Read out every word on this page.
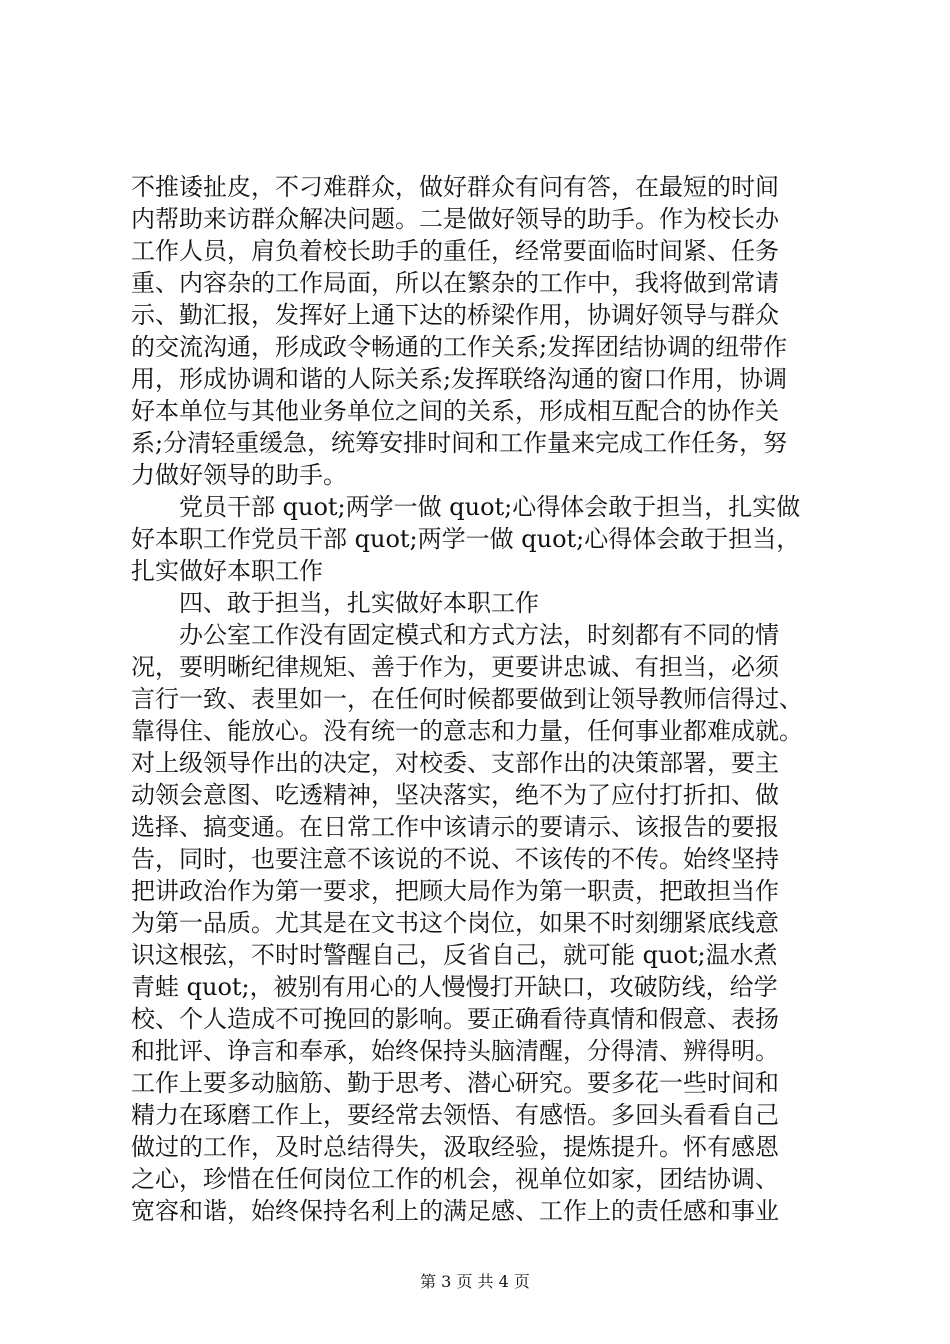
不推诿扯皮，不刁难群众，做好群众有问有答，在最短的时间
内帮助来访群众解决问题。二是做好领导的助手。作为校长办
工作人员，肩负着校长助手的重任，经常要面临时间紧、任务
重、内容杂的工作局面，所以在繁杂的工作中，我将做到常请
示、勤汇报，发挥好上通下达的桥梁作用，协调好领导与群众
的交流沟通，形成政令畅通的工作关系;发挥团结协调的纽带作
用，形成协调和谐的人际关系;发挥联络沟通的窗口作用，协调
好本单位与其他业务单位之间的关系，形成相互配合的协作关
系;分清轻重缓急，统筹安排时间和工作量来完成工作任务，努
力做好领导的助手。
党员干部 quot;两学一做 quot;心得体会敢于担当，扎实做
好本职工作党员干部 quot;两学一做 quot;心得体会敢于担当，
扎实做好本职工作
四、敢于担当，扎实做好本职工作
办公室工作没有固定模式和方式方法，时刻都有不同的情
况，要明晰纪律规矩、善于作为，更要讲忠诚、有担当，必须
言行一致、表里如一，在任何时候都要做到让领导教师信得过、
靠得住、能放心。没有统一的意志和力量，任何事业都难成就。
对上级领导作出的决定，对校委、支部作出的决策部署，要主
动领会意图、吃透精神，坚决落实，绝不为了应付打折扣、做
选择、搞变通。在日常工作中该请示的要请示、该报告的要报
告，同时，也要注意不该说的不说、不该传的不传。始终坚持
把讲政治作为第一要求，把顾大局作为第一职责，把敢担当作
为第一品质。尤其是在文书这个岗位，如果不时刻绷紧底线意
识这根弦，不时时警醒自己，反省自己，就可能 quot;温水煮
青蛙 quot;，被别有用心的人慢慢打开缺口，攻破防线，给学
校、个人造成不可挽回的影响。要正确看待真情和假意、表扬
和批评、诤言和奉承，始终保持头脑清醒，分得清、辨得明。
工作上要多动脑筋、勤于思考、潜心研究。要多花一些时间和
精力在琢磨工作上，要经常去领悟、有感悟。多回头看看自己
做过的工作，及时总结得失，汲取经验，提炼提升。怀有感恩
之心，珍惜在任何岗位工作的机会，视单位如家，团结协调、
宽容和谐，始终保持名利上的满足感、工作上的责任感和事业
第 3 页 共 4 页
